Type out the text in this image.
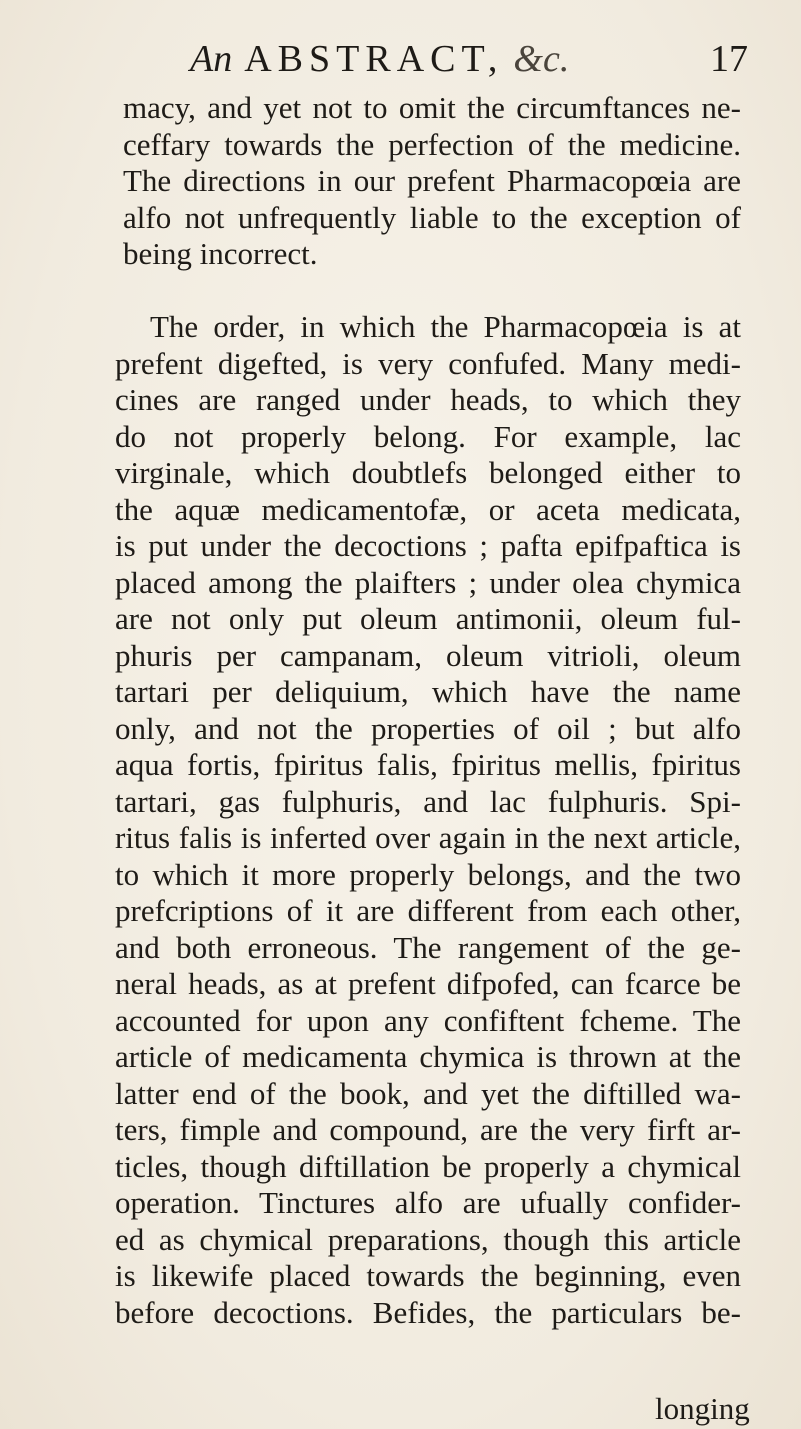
An ABSTRACT, &c.	17
macy, and yet not to omit the circumftances ne-
ceffary towards the perfection of the medicine.
The directions in our prefent Pharmacopœia are
alfo not unfrequently liable to the exception of
being incorrect.
The order, in which the Pharmacopœia is at
prefent digefted, is very confufed. Many medi-
cines are ranged under heads, to which they
do not properly belong. For example, lac
virginale, which doubtlefs belonged either to
the aquæ medicamentofæ, or aceta medicata,
is put under the decoctions ; pafta epifpaftica is
placed among the plaifters ; under olea chymica
are not only put oleum antimonii, oleum ful-
phuris per campanam, oleum vitrioli, oleum
tartari per deliquium, which have the name
only, and not the properties of oil ; but alfo
aqua fortis, fpiritus falis, fpiritus mellis, fpiritus
tartari, gas fulphuris, and lac fulphuris. Spi-
ritus falis is inferted over again in the next article,
to which it more properly belongs, and the two
prefcriptions of it are different from each other,
and both erroneous. The rangement of the ge-
neral heads, as at prefent difpofed, can fcarce be
accounted for upon any confiftent fcheme. The
article of medicamenta chymica is thrown at the
latter end of the book, and yet the diftilled wa-
ters, fimple and compound, are the very firft ar-
ticles, though diftillation be properly a chymical
operation. Tinctures alfo are ufually confider-
ed as chymical preparations, though this article
is likewife placed towards the beginning, even
before decoctions. Befides, the particulars be-
longing
